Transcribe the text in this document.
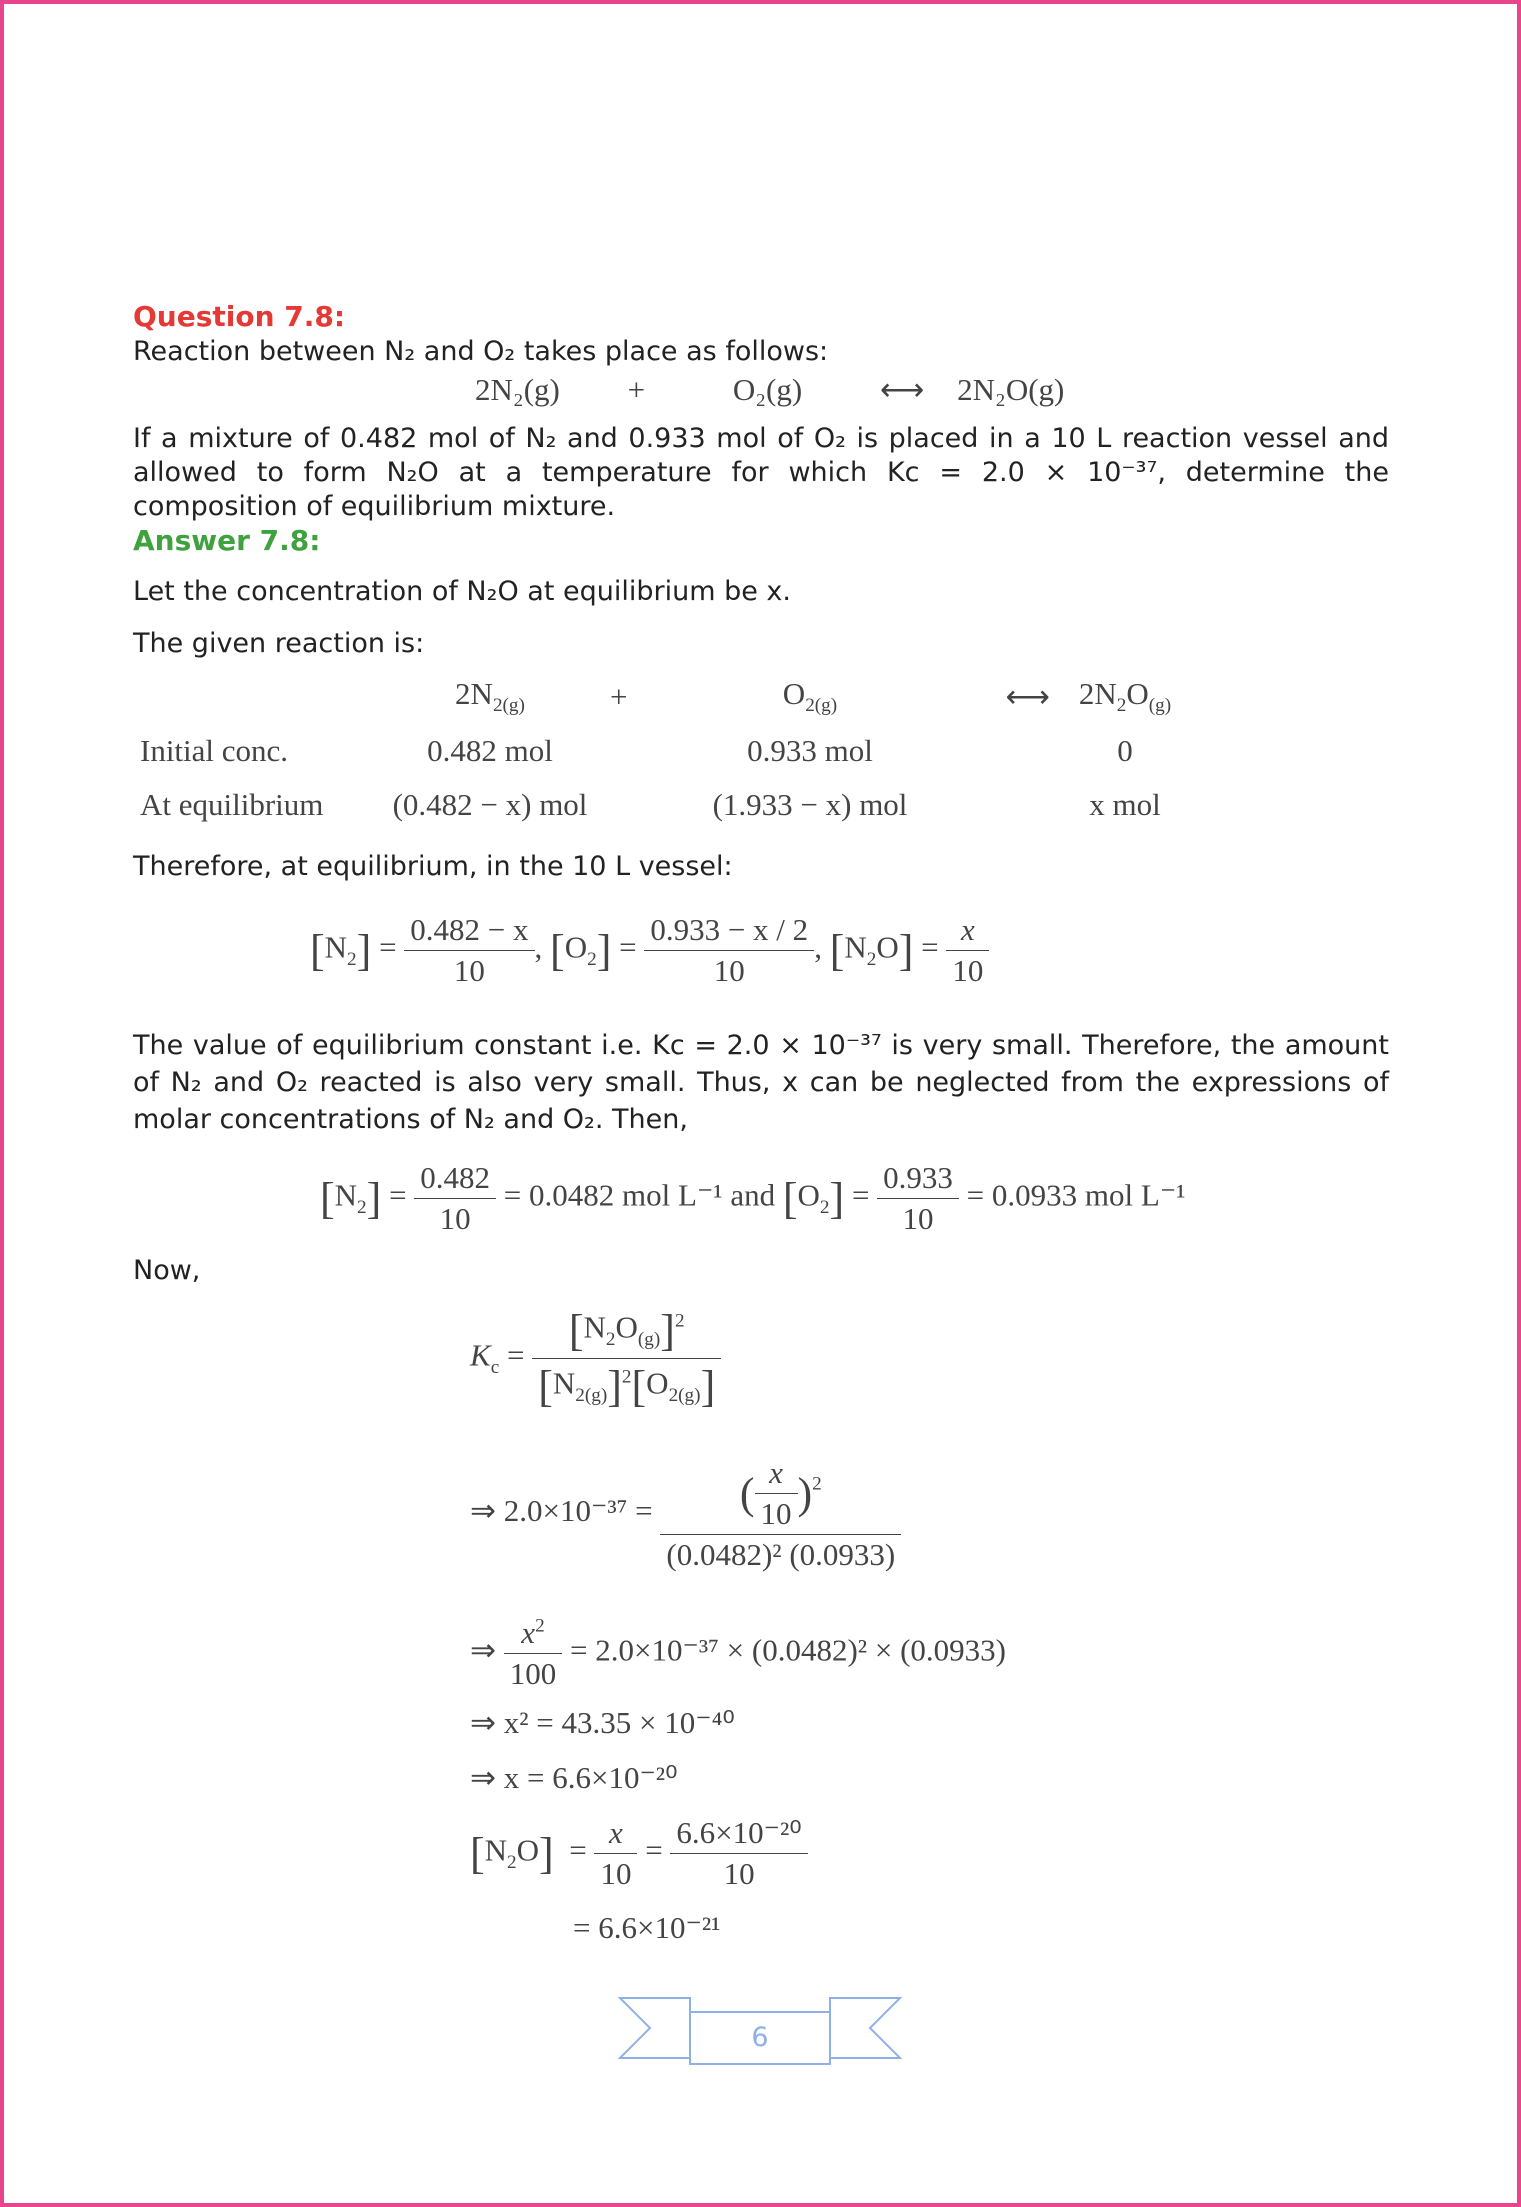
Question 7.8:
Reaction between N₂ and O₂ takes place as follows:
2N₂(g) +	O₂(g)	⟷ 2N₂O(g)
If a mixture of 0.482 mol of N₂ and 0.933 mol of O₂ is placed in a 10 L reaction vessel and allowed to form N₂O at a temperature for which Kc = 2.0 × 10⁻³⁷, determine the composition of equilibrium mixture.
Answer 7.8:
Let the concentration of N₂O at equilibrium be x.
The given reaction is:
	$2N_{2(g)}$	+	$O_{2(g)}$	⟷	$2N_2O_{(g)}$
Initial conc.	0.482 mol		0.933 mol		0
At equilibrium	(0.482 − x) mol		(1.933 − x) mol		x mol
Therefore, at equilibrium, in the 10 L vessel:
$[N_2] = \frac{0.482 - x}{10}$ , $[O_2] = \frac{0.933 - x / 2}{10}$ , $[N_2O] = \frac{x}{10}$
The value of equilibrium constant i.e. Kc = 2.0 × 10⁻³⁷ is very small. Therefore, the amount of N₂ and O₂ reacted is also very small. Thus, x can be neglected from the expressions of molar concentrations of N₂ and O₂. Then,
$[N_2] = \frac{0.482}{10} = 0.0482$ mol L⁻¹ and $[O_2] = \frac{0.933}{10} = 0.0933$ mol L⁻¹
Now,
$K_c = \frac{[N_2O_{(g)}]^2}{[N_{2(g)}]^2[O_{2(g)}]}$
⇒ $2.0\times 10^{-37} = \frac{( \frac{x}{10} )^2}{\text{(0.0482)² (0.0933)}}$
⇒ $\frac{x^2}{100} = 2.0\times 10^{-37} \times (0.0482)^2 \times (0.0933)$
⇒ x² = 43.35 × 10⁻⁴⁰
⇒ x = 6.6×10⁻²⁰
$[N_2O] = \frac{x}{10} = \frac{\text{6.6×10⁻²⁰}}{10}$
= 6.6×10⁻²¹
6
